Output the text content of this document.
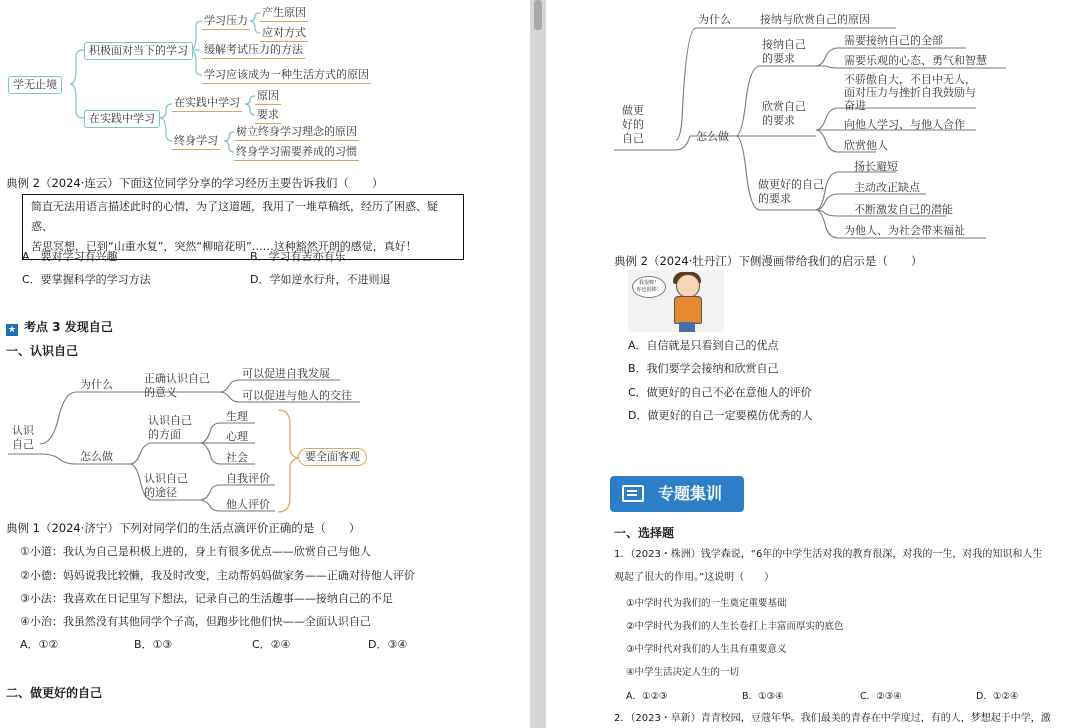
学无止境
积极面对当下的学习
学习压力
产生原因
应对方式
缓解考试压力的方法
学习应该成为一种生活方式的原因
在实践中学习
在实践中学习
原因
要求
终身学习
树立终身学习理念的原因
终身学习需要养成的习惯
典例 2（2024·连云）下面这位同学分享的学习经历主要告诉我们（　　）
简直无法用语言描述此时的心情，为了这道题，我用了一堆草稿纸，经历了困惑、疑惑、
苦思冥想，已到“山重水复”，突然“柳暗花明”……这种豁然开朗的感觉，真好！
A．要对学习有兴趣	B．学习有苦亦有乐
C．要掌握科学的学习方法	D．学如逆水行舟，不进则退
★ 考点 3 发现自己
一、认识自己
认识
自己
为什么	正确认识自己
的意义
可以促进自我发展
可以促进与他人的交往
怎么做
认识自己
的方面
生理
心理
社会
认识自己
的途径
自我评价
他人评价
要全面客观
典例 1（2024·济宁）下列对同学们的生活点滴评价正确的是（　　）
①小道：我认为自己是积极上进的，身上有很多优点——欣赏自己与他人
②小德：妈妈说我比较懒，我及时改变，主动帮妈妈做家务——正确对待他人评价
③小法：我喜欢在日记里写下想法，记录自己的生活趣事——接纳自己的不足
④小治：我虽然没有其他同学个子高，但跑步比他们快——全面认识自己
A．①②	B．①③	C．②④	D．③④
二、做更好的自己
做更
好的
自己
为什么	接纳与欣赏自己的原因
怎么做
接纳自己
的要求
需要接纳自己的全部
需要乐观的心态、勇气和智慧
欣赏自己
的要求
不骄傲自大，不目中无人，
面对压力与挫折自我鼓励与
奋进
向他人学习、与他人合作
欣赏他人
做更好的自己
的要求
扬长避短
主动改正缺点
不断激发自己的潜能
为他人、为社会带来福祉
典例 2（2024·牡丹江）下侧漫画带给我们的启示是（　　）
我很棒！
你也很棒！
A．自信就是只看到自己的优点
B．我们要学会接纳和欣赏自己
C．做更好的自己不必在意他人的评价
D．做更好的自己一定要模仿优秀的人
专题集训
一、选择题
1．（2023・株洲）钱学森说，“6年的中学生活对我的教育很深，对我的一生，对我的知识和人生
观起了很大的作用。”这说明（　　）
①中学时代为我们的一生奠定重要基础
②中学时代为我们的人生长卷打上丰富而厚实的底色
③中学时代对我们的人生具有重要意义
④中学生活决定人生的一切
A．①②③	B．①③④	C．②③④	D．①②④
2．（2023・阜新）青青校园，豆蔻年华。我们最美的青春在中学度过，有的人，梦想起于中学，激
